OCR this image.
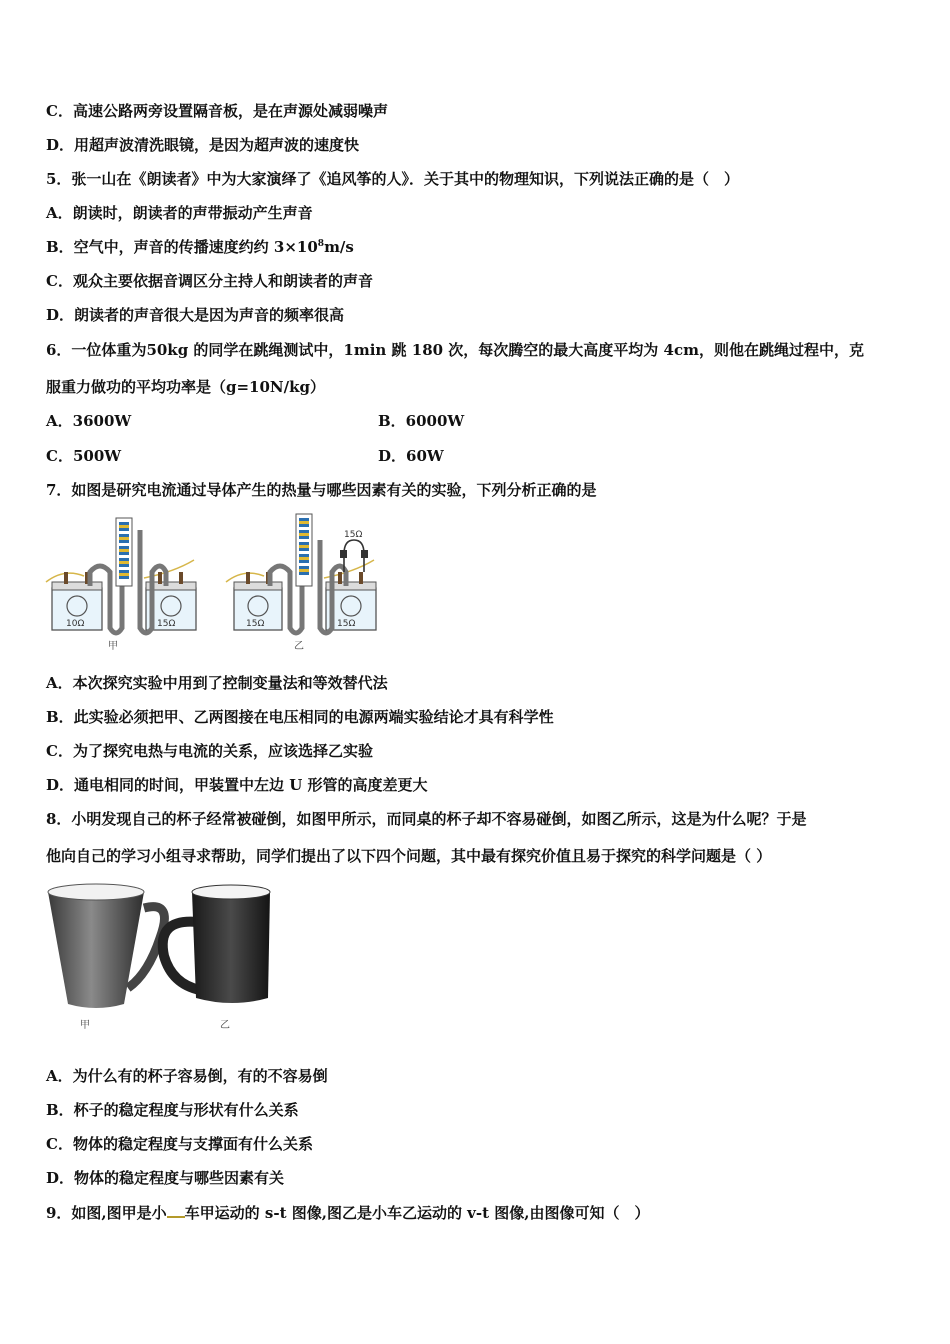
C．高速公路两旁设置隔音板，是在声源处减弱噪声
D．用超声波清洗眼镜，是因为超声波的速度快
5．张一山在《朗读者》中为大家演绎了《追风筝的人》．关于其中的物理知识，下列说法正确的是（　）
A．朗读时，朗读者的声带振动产生声音
B．空气中，声音的传播速度约约 $3\times 10^8m/s$
C．观众主要依据音调区分主持人和朗读者的声音
D．朗读者的声音很大是因为声音的频率很高
6．一位体重为50kg 的同学在跳绳测试中，1min 跳 180 次，每次腾空的最大高度平均为 4cm，则他在跳绳过程中，克
服重力做功的平均功率是（g=10N/kg）
A．3600W	B．6000W
C．500W	D．60W
7．如图是研究电流通过导体产生的热量与哪些因素有关的实验，下列分析正确的是
10Ω	15Ω
甲
15Ω
15Ω	15Ω
乙
A．本次探究实验中用到了控制变量法和等效替代法
B．此实验必须把甲、乙两图接在电压相同的电源两端实验结论才具有科学性
C．为了探究电热与电流的关系，应该选择乙实验
D．通电相同的时间，甲装置中左边 U 形管的高度差更大
8．小明发现自己的杯子经常被碰倒，如图甲所示，而同桌的杯子却不容易碰倒，如图乙所示，这是为什么呢？于是
他向自己的学习小组寻求帮助，同学们提出了以下四个问题，其中最有探究价值且易于探究的科学问题是（ ）
甲	乙
A．为什么有的杯子容易倒，有的不容易倒
B．杯子的稳定程度与形状有什么关系
C．物体的稳定程度与支撑面有什么关系
D．物体的稳定程度与哪些因素有关
9．如图,图甲是小 车甲运动的 s-t 图像,图乙是小车乙运动的 v-t 图像,由图像可知（　）
